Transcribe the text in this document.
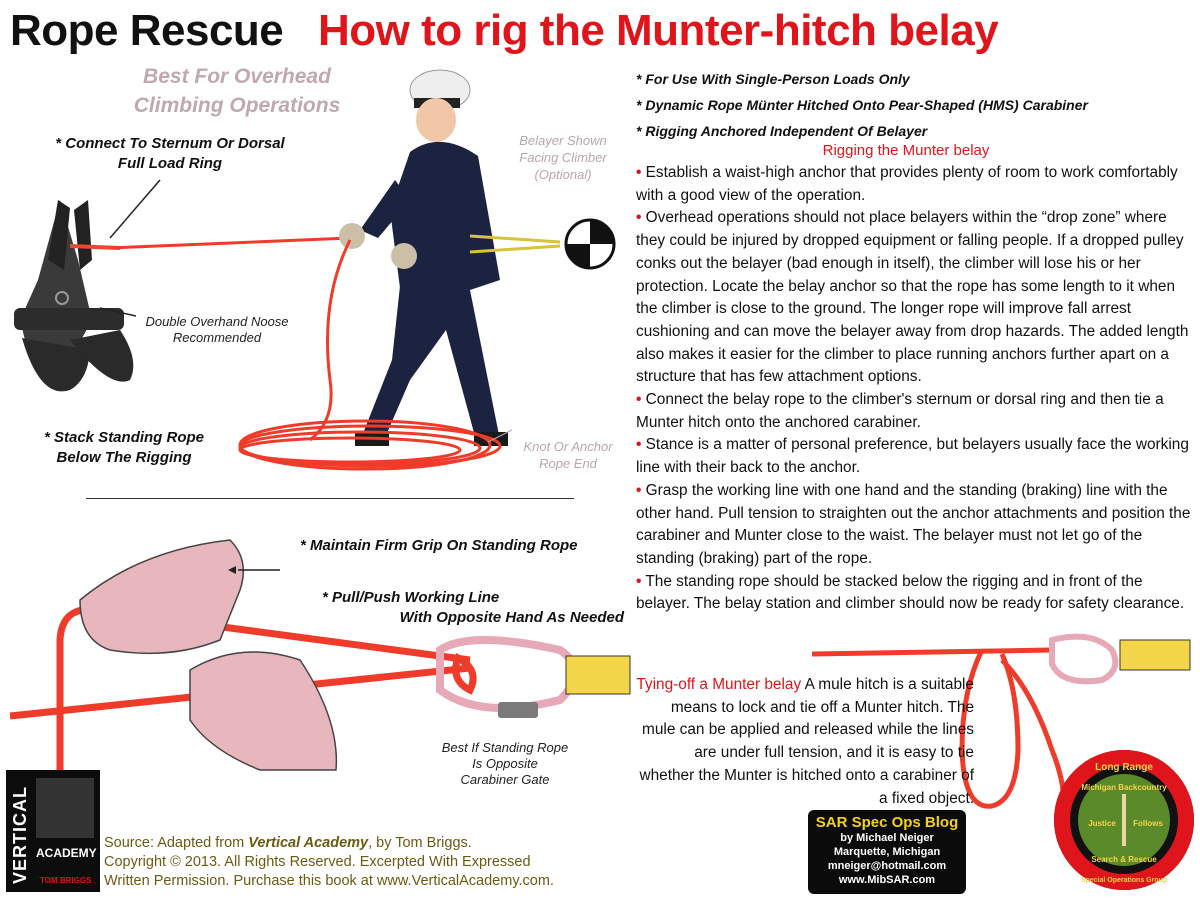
Rope Rescue How to rig the Munter-hitch belay
Best For Overhead
Climbing Operations
* Connect To Sternum Or Dorsal
Full Load Ring
Double Overhand Noose
Recommended
* Stack Standing Rope
Below The Rigging
Belayer Shown
Facing Climber
(Optional)
Knot Or Anchor
Rope End
* Maintain Firm Grip On Standing Rope
* Pull/Push Working Line
With Opposite Hand As Needed
Best If Standing Rope
Is Opposite
Carabiner Gate
* For Use With Single-Person Loads Only
* Dynamic Rope Münter Hitched Onto Pear-Shaped (HMS) Carabiner
* Rigging Anchored Independent Of Belayer
Rigging the Munter belay

• Establish a waist-high anchor that provides plenty of room to work comfortably with a good view of the operation.

• Overhead operations should not place belayers within the “drop zone” where they could be injured by dropped equipment or falling people. If a dropped pulley conks out the belayer (bad enough in itself), the climber will lose his or her protection. Locate the belay anchor so that the rope has some length to it when the climber is close to the ground. The longer rope will improve fall arrest cushioning and can move the belayer away from drop hazards. The added length also makes it easier for the climber to place running anchors further apart on a structure that has few attachment options.

• Connect the belay rope to the climber's sternum or dorsal ring and then tie a Munter hitch onto the anchored carabiner.

• Stance is a matter of personal preference, but belayers usually face the working line with their back to the anchor.

• Grasp the working line with one hand and the standing (braking) line with the other hand. Pull tension to straighten out the anchor attachments and position the carabiner and Munter close to the waist. The belayer must not let go of the standing (braking) part of the rope.

• The standing rope should be stacked below the rigging and in front of the belayer. The belay station and climber should now be ready for safety clearance.

Tying-off a Munter belay A mule hitch is a suitable means to lock and tie off a Munter hitch. The mule can be applied and released while the lines are under full tension, and it is easy to tie whether the Munter is hitched onto a carabiner of a fixed object.
VERTICAL ACADEMY
TOM BRIGGS
Source: Adapted from Vertical Academy, by Tom Briggs.
Copyright © 2013. All Rights Reserved. Excerpted With Expressed
Written Permission. Purchase this book at www.VerticalAcademy.com.
SAR Spec Ops Blog
by Michael Neiger
Marquette, Michigan
mneiger@hotmail.com
www.MibSAR.com
Long Range
Michigan Backcountry
Justice Follows
Search & Rescue
Special Operations Group
